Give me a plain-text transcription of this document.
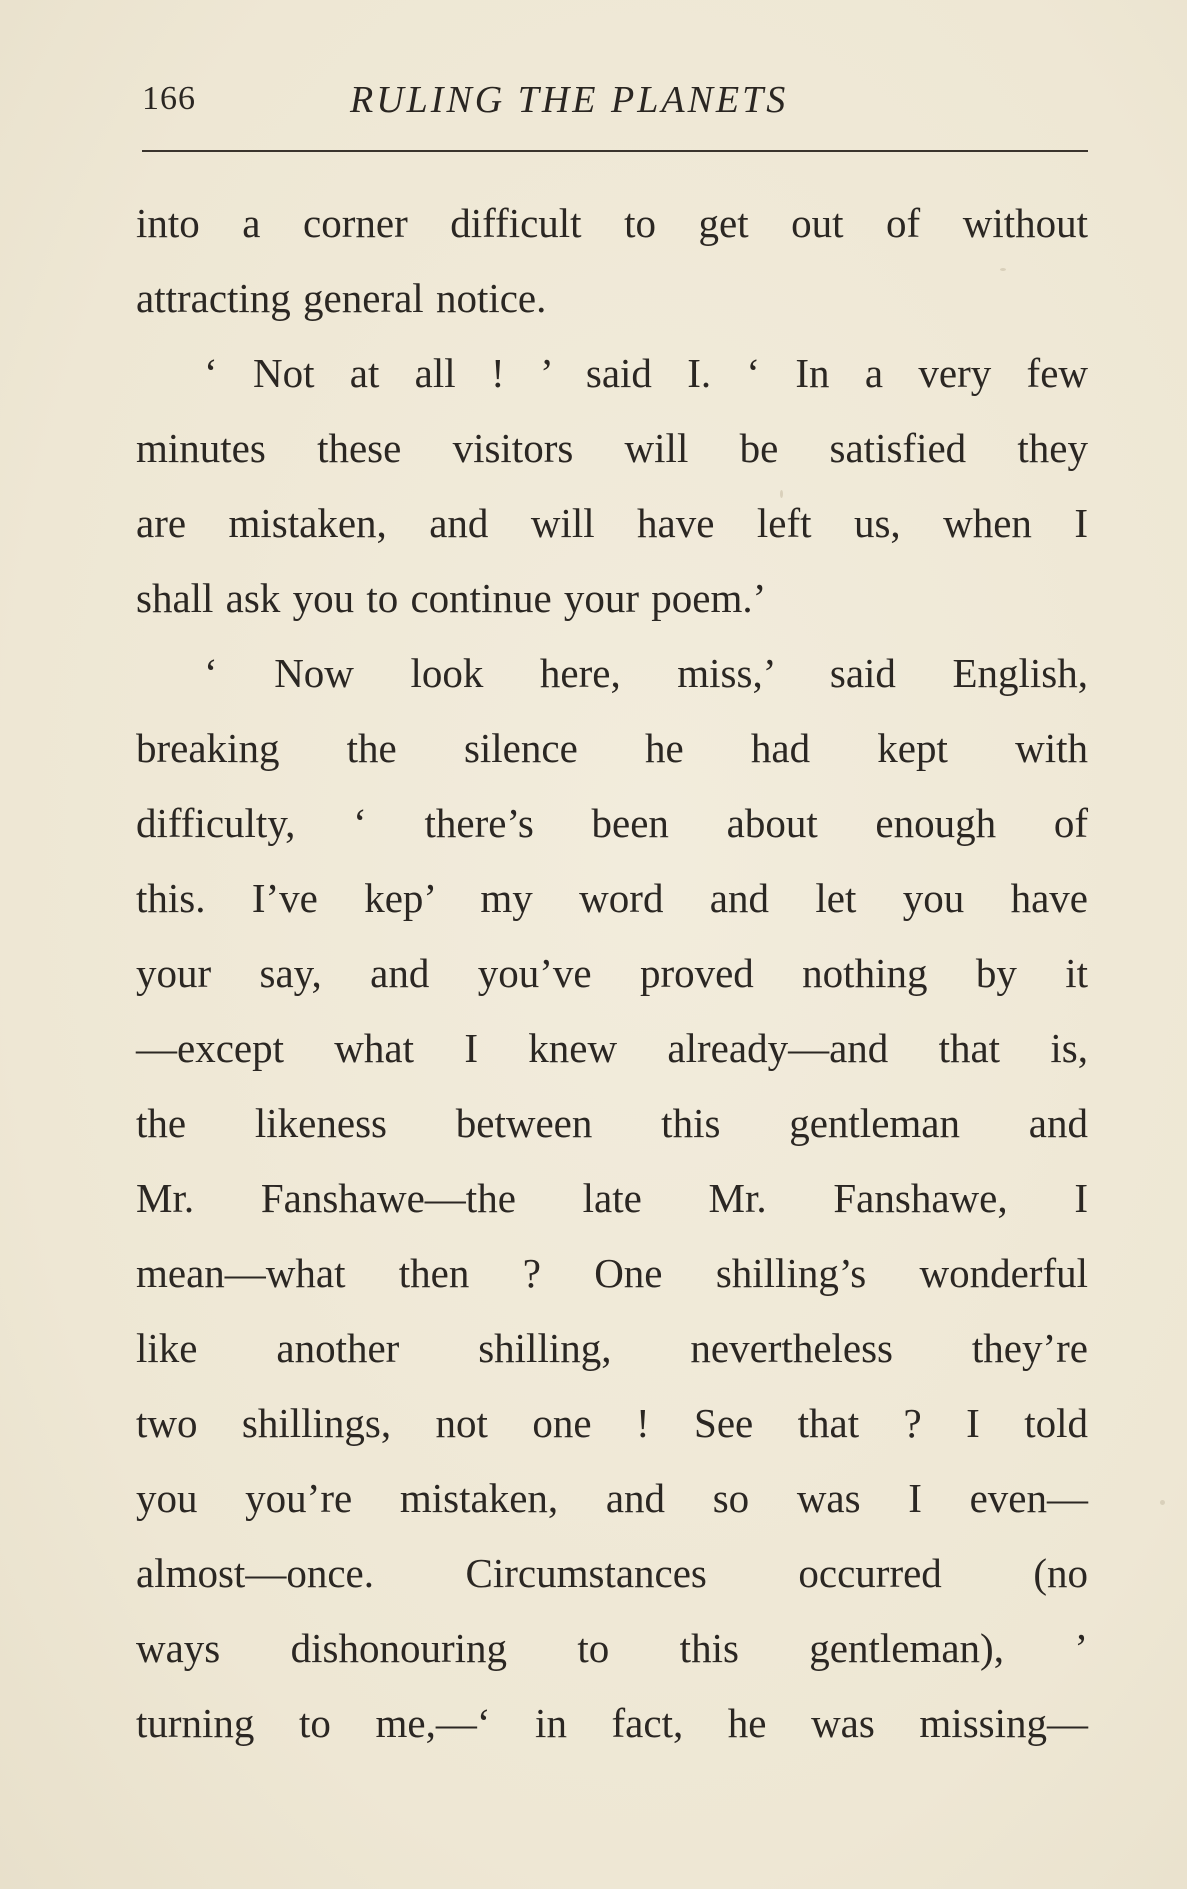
166	RULING THE PLANETS
into a corner difficult to get out of without
attracting general notice.
‘ Not at all ! ’ said I. ‘ In a very few
minutes these visitors will be satisfied they
are mistaken, and will have left us, when I
shall ask you to continue your poem.’
‘ Now look here, miss,’ said English,
breaking the silence he had kept with
difficulty, ‘ there’s been about enough of
this. I’ve kep’ my word and let you have
your say, and you’ve proved nothing by it
—except what I knew already—and that is,
the likeness between this gentleman and
Mr. Fanshawe—the late Mr. Fanshawe, I
mean—what then ? One shilling’s wonderful
like another shilling, nevertheless they’re
two shillings, not one ! See that ? I told
you you’re mistaken, and so was I even—
almost—once. Circumstances occurred (no
ways dishonouring to this gentleman), ’
turning to me,—‘ in fact, he was missing—
